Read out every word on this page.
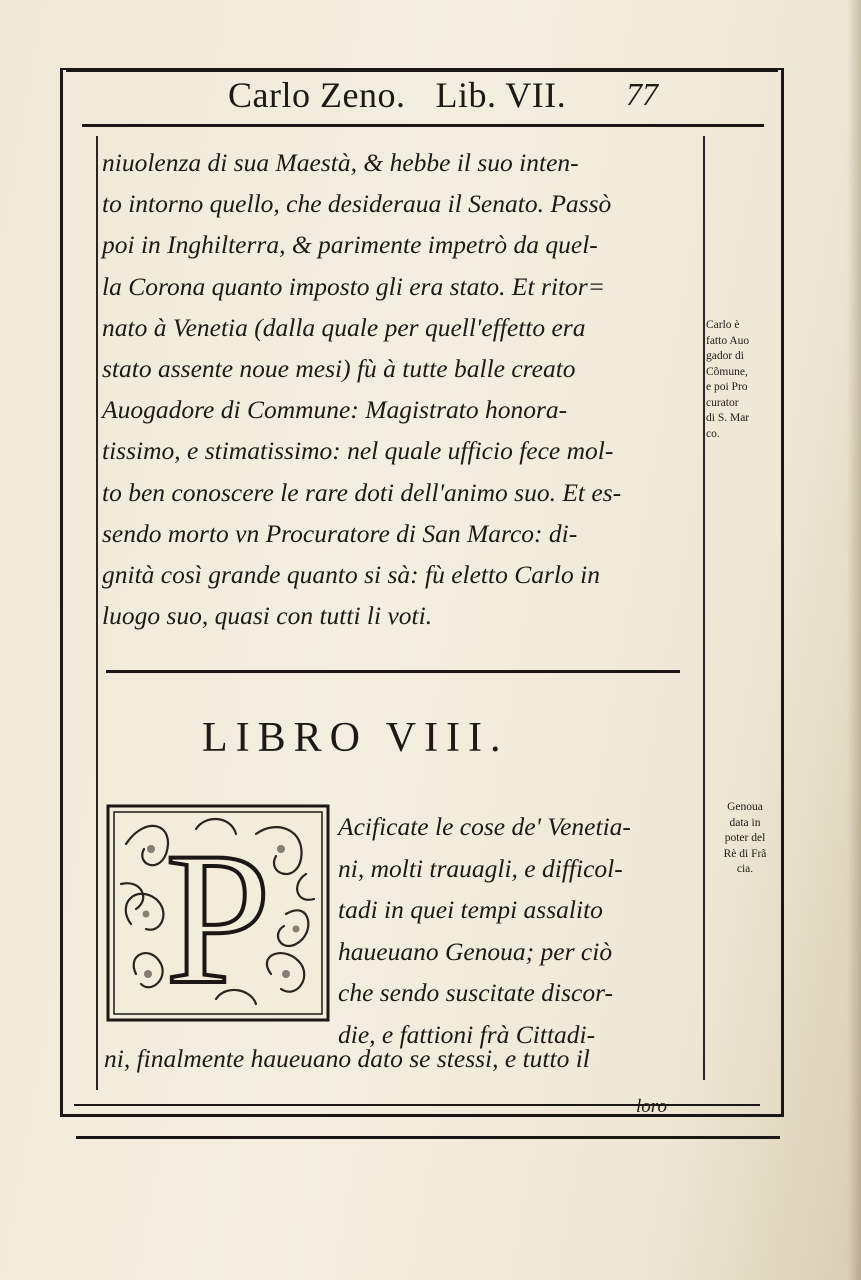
Carlo Zeno. Lib. VII. 77
niuolenza di sua Maestà, & hebbe il suo inten-
to intorno quello, che desideraua il Senato. Passò
poi in Inghilterra, & parimente impetrò da quel-
la Corona quanto imposto gli era stato. Et ritor=
nato à Venetia (dalla quale per quell'effetto era
stato assente noue mesi) fù à tutte balle creato
Auogadore di Commune: Magistrato honora-
tissimo, e stimatissimo: nel quale ufficio fece mol-
to ben conoscere le rare doti dell'animo suo. Et es-
sendo morto vn Procuratore di San Marco: di-
gnità così grande quanto si sà: fù eletto Carlo in
luogo suo, quasi con tutti li voti.
Carlo è
fatto Auo
gador di
Cõmune,
e poi Pro
curator
di S. Mar
co.
LIBRO VIII.
P	Acificate le cose de' Venetia-
ni, molti trauagli, e difficol-
tadi in quei tempi assalito
haueuano Genoua; per ciò
che sendo suscitate discor-
die, e fattioni frà Cittadi-
ni, finalmente haueuano dato se stessi, e tutto il
Genoua
data in
poter del
Rè di Frã
cia.
loro
